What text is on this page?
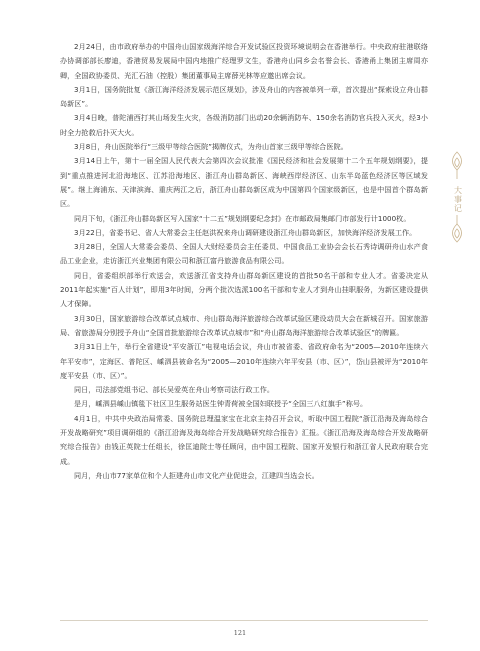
2月24日，由市政府举办的中国舟山国家级海洋综合开发试验区投资环境说明会在香港举行。中央政府驻港联络办协调部部长廖迪，香港贸易发展局中国内地推广经理罗文生，香港舟山同乡会名誉会长、香港甬上集团主席周亦卿，全国政协委员、光汇石油（控股）集团董事局主席薛光林等应邀出席会议。

3月1日，国务院批复《浙江海洋经济发展示范区规划》，涉及舟山的内容被单列一章，首次提出“探索设立舟山群岛新区”。

3月4日晚，普陀浦西打其山场发生火灾，各级消防部门出动20余辆消防车、150余名消防官兵投入灭火，经3小时全力抢救后扑灭大火。

3月8日，舟山医院举行“三级甲等综合医院”揭牌仪式，为舟山首家三级甲等综合医院。

3月14日上午，第十一届全国人民代表大会第四次会议批准《国民经济和社会发展第十二个五年规划纲要》，提到“重点推进河北沿海地区、江苏沿海地区、浙江舟山群岛新区、海峡西岸经济区、山东半岛蓝色经济区等区域发展”。继上海浦东、天津滨海、重庆两江之后，浙江舟山群岛新区成为中国第四个国家级新区，也是中国首个群岛新区。

同月下旬，《浙江舟山群岛新区写入国家“十二五”规划纲要纪念封》在市邮政局集邮门市部发行计1000枚。

3月22日，省委书记、省人大常委会主任赵洪祝来舟山调研建设浙江舟山群岛新区，加快海洋经济发展工作。

3月28日，全国人大常委会委员、全国人大财经委员会主任委员、中国食品工业协会会长石秀诗调研舟山水产食品工业企业，走访浙江兴业集团有限公司和浙江富丹旅游食品有限公司。

同日，省委组织部举行欢送会，欢送浙江省支持舟山群岛新区建设的首批50名干部和专业人才。省委决定从2011年起实施“百人计划”，即用3年时间，分两个批次选派100名干部和专业人才到舟山挂职服务，为新区建设提供人才保障。

3月30日，国家旅游综合改革试点城市、舟山群岛海洋旅游综合改革试验区建设动员大会在新城召开。国家旅游局、省旅游局分别授予舟山“全国首批旅游综合改革试点城市”和“舟山群岛海洋旅游综合改革试验区”的牌匾。

3月31日上午，举行全省建设“平安浙江”电视电话会议，舟山市被省委、省政府命名为“2005—2010年连续六年平安市”，定海区、普陀区、嵊泗县被命名为“2005—2010年连续六年平安县（市、区）”，岱山县被评为“2010年度平安县（市、区）”。

同日，司法部党组书记、部长吴爱英在舟山考察司法行政工作。

是月，嵊泗县嵊山镇毯下社区卫生服务站医生钟青荷被全国妇联授予“全国三八红旗手”称号。

4月1日，中共中央政治局常委、国务院总理温家宝在北京主持召开会议，听取中国工程院“浙江沿海及海岛综合开发战略研究”项目调研组的《浙江沿海及海岛综合开发战略研究综合报告》汇报。《浙江沿海及海岛综合开发战略研究综合报告》由钱正英院士任组长，徐匡迪院士等任顾问，由中国工程院、国家开发银行和浙江省人民政府联合完成。

同月，舟山市77家单位和个人拒建舟山市文化产业促进会，江建四当选会长。

大事记
121
